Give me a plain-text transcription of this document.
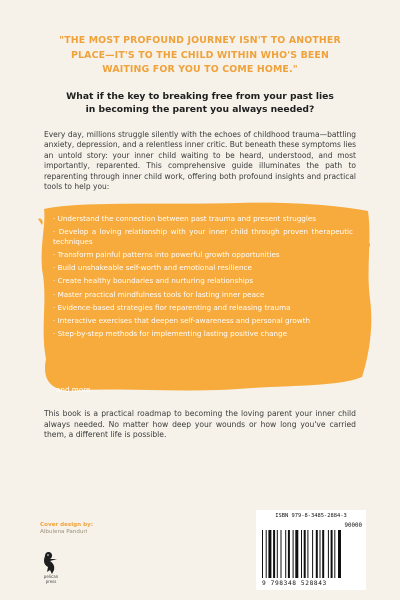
"THE MOST PROFOUND JOURNEY ISN'T TO ANOTHER
PLACE—IT'S TO THE CHILD WITHIN WHO'S BEEN
WAITING FOR YOU TO COME HOME."
What if the key to breaking free from your past lies
in becoming the parent you always needed?
Every day, millions struggle silently with the echoes of childhood trauma—battling anxiety, depression, and a relentless inner critic. But beneath these symptoms lies an untold story: your inner child waiting to be heard, understood, and most importantly, reparented. This comprehensive guide illuminates the path to reparenting through inner child work, offering both profound insights and practical tools to help you:
· Understand the connection between past trauma and present struggles
· Develop a loving relationship with your inner child through proven therapeutic techniques
· Transform painful patterns into powerful growth opportunities
· Build unshakeable self-worth and emotional resilience
· Create healthy boundaries and nurturing relationships
· Master practical mindfulness tools for lasting inner peace
· Evidence-based strategies fior reparenting and releasing trauma
· Interactive exercises that deepen self-awareness and personal growth
· Step-by-step methods for implementing lasting positive change
and more...
This book is a practical roadmap to becoming the loving parent your inner child always needed. No matter how deep your wounds or how long you've carried them, a different life is possible.
Cover design by:
Albulena Panduri
pelican press
ISBN 979-8-3485-2884-3
90000
9 798348 528843
